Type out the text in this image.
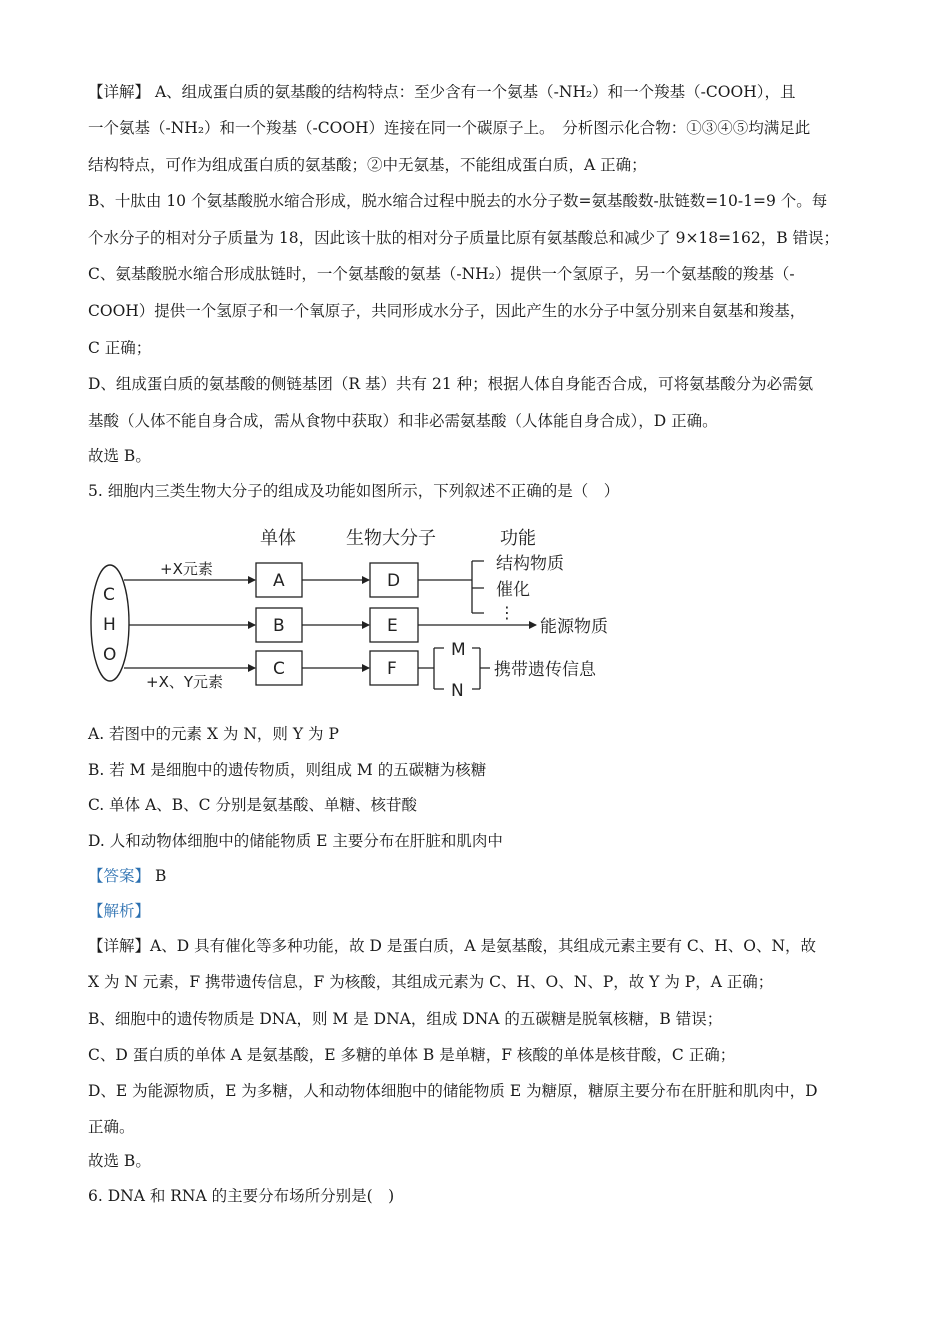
【详解】 A、组成蛋白质的氨基酸的结构特点：至少含有一个氨基（-NH₂）和一个羧基（-COOH），且
一个氨基（-NH₂）和一个羧基（-COOH）连接在同一个碳原子上。　分析图示化合物：①③④⑤均满足此
结构特点，可作为组成蛋白质的氨基酸；②中无氨基，不能组成蛋白质，A 正确；
B、十肽由 10 个氨基酸脱水缩合形成，脱水缩合过程中脱去的水分子数=氨基酸数-肽链数=10-1=9 个。每
个水分子的相对分子质量为 18，因此该十肽的相对分子质量比原有氨基酸总和减少了 9×18=162，B 错误；
C、氨基酸脱水缩合形成肽链时，一个氨基酸的氨基（-NH₂）提供一个氢原子，另一个氨基酸的羧基（-
COOH）提供一个氢原子和一个氧原子，共同形成水分子，因此产生的水分子中氢分别来自氨基和羧基，
C 正确；
D、组成蛋白质的氨基酸的侧链基团（R 基）共有 21 种；根据人体自身能否合成，可将氨基酸分为必需氨
基酸（人体不能自身合成，需从食物中获取）和非必需氨基酸（人体能自身合成），D 正确。
故选 B。
5. 细胞内三类生物大分子的组成及功能如图所示，下列叙述不正确的是（　）
单体	生物大分子	功能
C
H
O
+X元素
+X、Y元素
A
B
C
D
E
F
结构物质
催化
⋮
能源物质
M
N
携带遗传信息
A. 若图中的元素 X 为 N，则 Y 为 P
B. 若 M 是细胞中的遗传物质，则组成 M 的五碳糖为核糖
C. 单体 A、B、C 分别是氨基酸、单糖、核苷酸
D. 人和动物体细胞中的储能物质 E 主要分布在肝脏和肌肉中
【答案】 B
【解析】
【详解】A、D 具有催化等多种功能，故 D 是蛋白质，A 是氨基酸，其组成元素主要有 C、H、O、N，故
X 为 N 元素，F 携带遗传信息，F 为核酸，其组成元素为 C、H、O、N、P，故 Y 为 P，A 正确；
B、细胞中的遗传物质是 DNA，则 M 是 DNA，组成 DNA 的五碳糖是脱氧核糖，B 错误；
C、D 蛋白质的单体 A 是氨基酸，E 多糖的单体 B 是单糖，F 核酸的单体是核苷酸，C 正确；
D、E 为能源物质，E 为多糖，人和动物体细胞中的储能物质 E 为糖原，糖原主要分布在肝脏和肌肉中，D
正确。
故选 B。
6. DNA 和 RNA 的主要分布场所分别是(　)
